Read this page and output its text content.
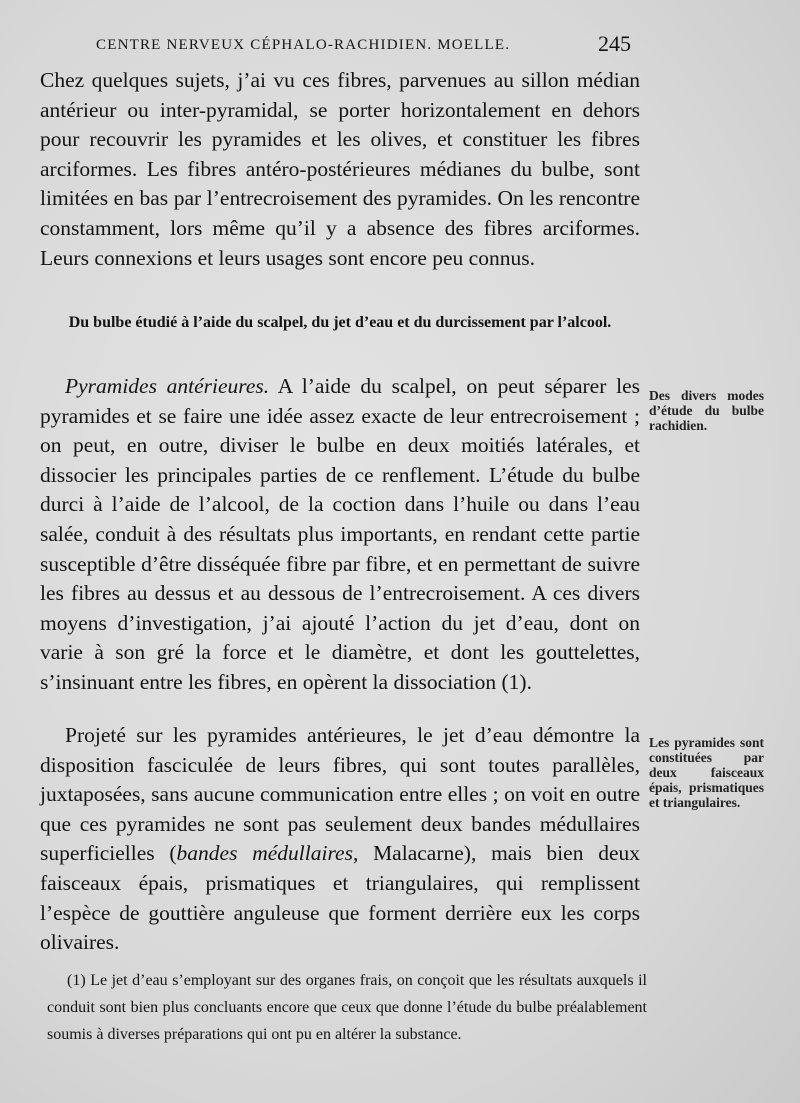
CENTRE NERVEUX CÉPHALO-RACHIDIEN. MOELLE.	245

Chez quelques sujets, j’ai vu ces fibres, parvenues au sillon médian antérieur ou inter-pyramidal, se porter horizontalement en dehors pour recouvrir les pyramides et les olives, et constituer les fibres arciformes. Les fibres antéro-postérieures médianes du bulbe, sont limitées en bas par l’entrecroisement des pyramides. On les rencontre constamment, lors même qu’il y a absence des fibres arciformes. Leurs connexions et leurs usages sont encore peu connus.

Du bulbe étudié à l’aide du scalpel, du jet d’eau et du durcissement par l’alcool.

Pyramides antérieures. A l’aide du scalpel, on peut séparer les pyramides et se faire une idée assez exacte de leur entrecroisement ; on peut, en outre, diviser le bulbe en deux moitiés latérales, et dissocier les principales parties de ce renflement. L’étude du bulbe durci à l’aide de l’alcool, de la coction dans l’huile ou dans l’eau salée, conduit à des résultats plus importants, en rendant cette partie susceptible d’être disséquée fibre par fibre, et en permettant de suivre les fibres au dessus et au dessous de l’entrecroisement. A ces divers moyens d’investigation, j’ai ajouté l’action du jet d’eau, dont on varie à son gré la force et le diamètre, et dont les gouttelettes, s’insinuant entre les fibres, en opèrent la dissociation (1).

Projeté sur les pyramides antérieures, le jet d’eau démontre la disposition fasciculée de leurs fibres, qui sont toutes parallèles, juxtaposées, sans aucune communication entre elles ; on voit en outre que ces pyramides ne sont pas seulement deux bandes médullaires superficielles (bandes médullaires, Malacarne), mais bien deux faisceaux épais, prismatiques et triangulaires, qui remplissent l’espèce de gouttière anguleuse que forment derrière eux les corps olivaires.

(1) Le jet d’eau s’employant sur des organes frais, on conçoit que les résultats auxquels il conduit sont bien plus concluants encore que ceux que donne l’étude du bulbe préalablement soumis à diverses préparations qui ont pu en altérer la substance.
Des divers modes d’étude du bulbe rachidien.
Les pyramides sont constituées par deux faisceaux épais, prismatiques et triangulaires.
